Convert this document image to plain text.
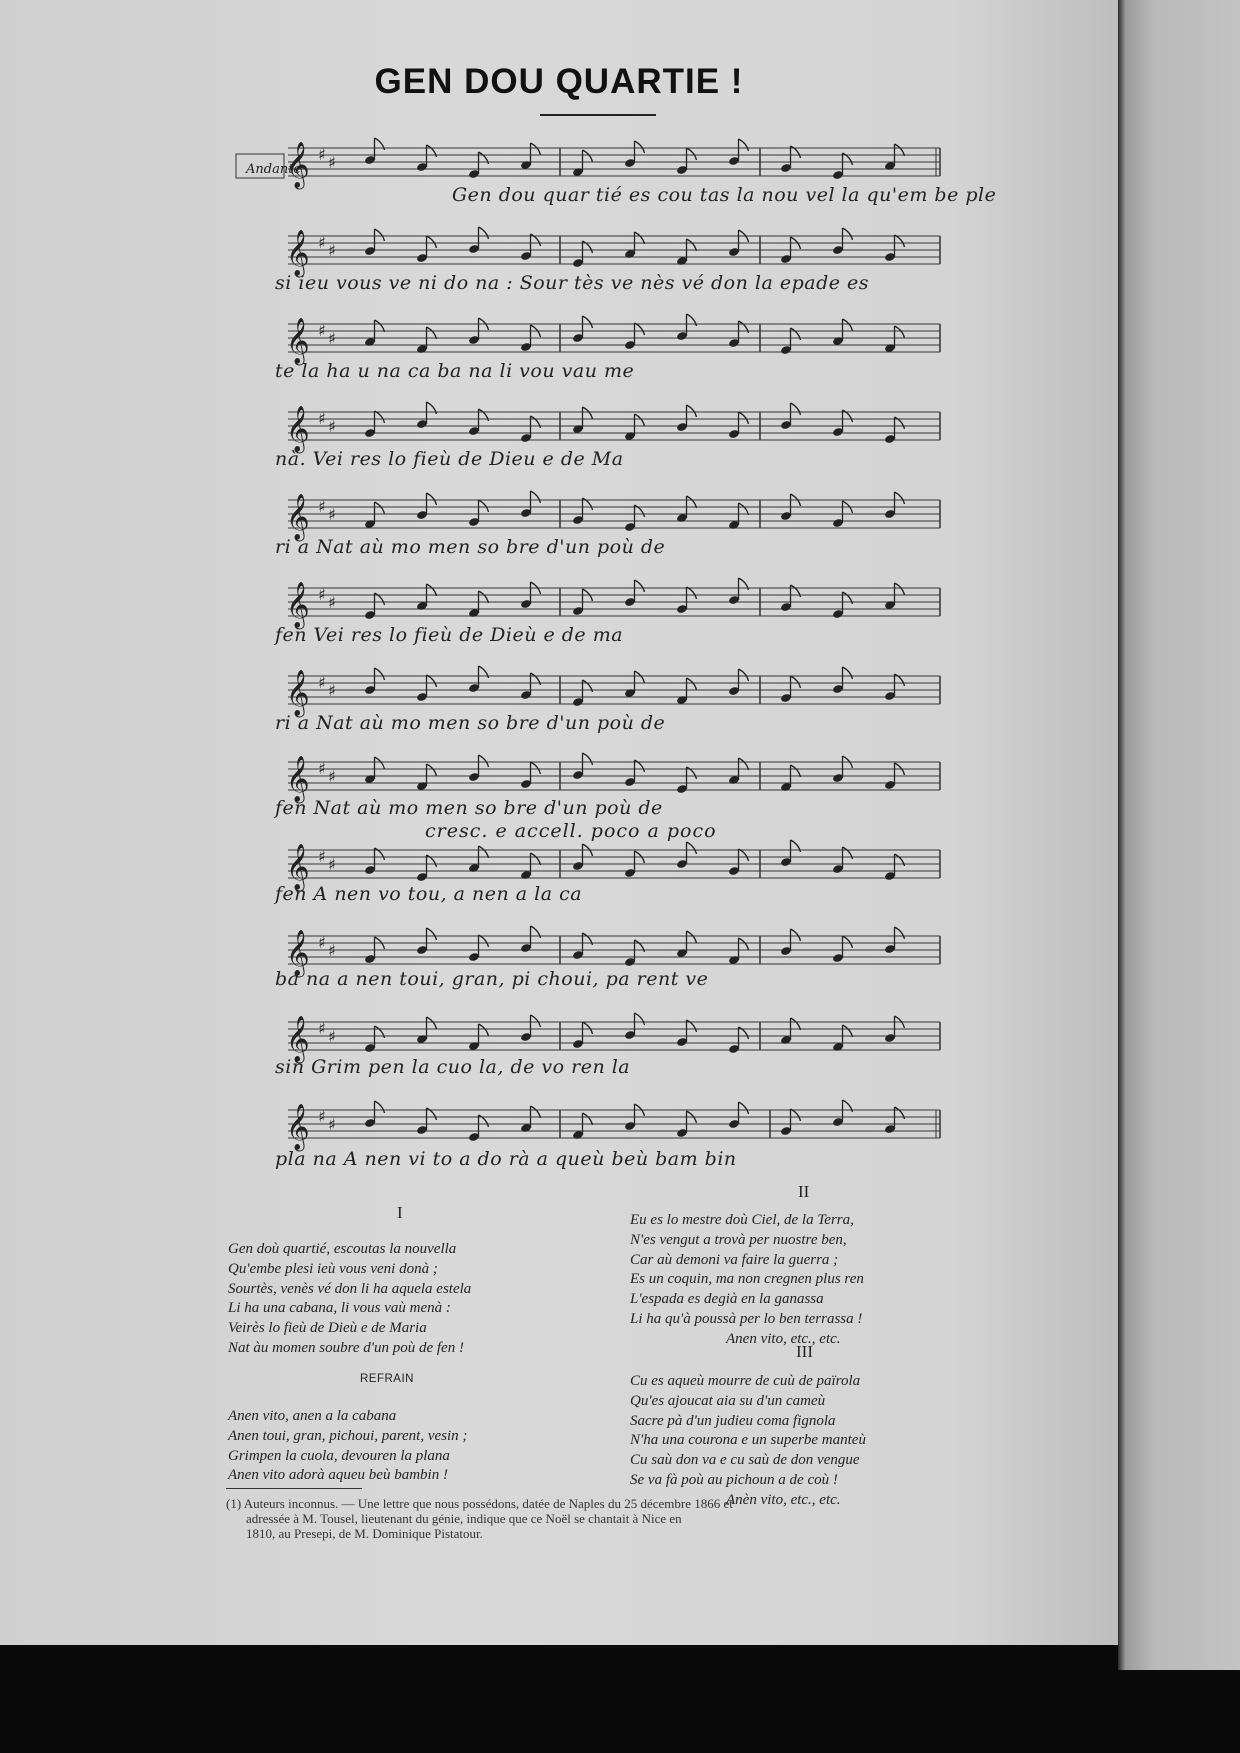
GEN DOU QUARTIE !
Andante
𝄞 ♯ ♯
𝄞 ♯ ♯
𝄞 ♯ ♯
𝄞 ♯ ♯
𝄞 ♯ ♯
𝄞 ♯ ♯
𝄞 ♯ ♯
𝄞 ♯ ♯
𝄞 ♯ ♯
𝄞 ♯ ♯
𝄞 ♯ ♯
𝄞 ♯ ♯
Gen dou quar tié es cou tas la nou vel la qu'em be ple
si ieu vous ve ni do na : Sour tès ve nès vé don la epade es
te la ha u na ca ba na li vou vau me
nà. Vei res lo fieù de Dieu e de Ma
ri a Nat aù mo men so bre d'un poù de
fen Vei res lo fieù de Dieù e de ma
ri a Nat aù mo men so bre d'un poù de
fen Nat aù mo men so bre d'un poù de
cresc. e accell. poco a poco
fen A nen vo tou, a nen a la ca
ba na a nen toui, gran, pi choui, pa rent ve
sin Grim pen la cuo la, de vo ren la
pla na A nen vi to a do rà a queù beù bam bin
I
Gen doù quartié, escoutas la nouvella
Qu'embe plesi ieù vous veni donà ;
Sourtès, venès vé don li ha aquela estela
Li ha una cabana, li vous vaù menà :
Veirès lo fieù de Dieù e de Maria
Nat àu momen soubre d'un poù de fen !
REFRAIN
Anen vito, anen a la cabana
Anen toui, gran, pichoui, parent, vesin ;
Grimpen la cuola, devouren la plana
Anen vito adorà aqueu beù bambin !
II
Eu es lo mestre doù Ciel, de la Terra,
N'es vengut a trovà per nuostre ben,
Car aù demoni va faire la guerra ;
Es un coquin, ma non cregnen plus ren
L'espada es degià en la ganassa
Li ha qu'à poussà per lo ben terrassa !
Anen vito, etc., etc.
III
Cu es aqueù mourre de cuù de païrola
Qu'es ajoucat aia su d'un cameù
Sacre pà d'un judieu coma fignola
N'ha una courona e un superbe manteù
Cu saù don va e cu saù de don vengue
Se va fà poù au pichoun a de coù !
Anèn vito, etc., etc.
(1) Auteurs inconnus. — Une lettre que nous possédons, datée de Naples du 25 décembre 1866 et
adressée à M. Tousel, lieutenant du génie, indique que ce Noël se chantait à Nice en
1810, au Presepi, de M. Dominique Pistatour.
